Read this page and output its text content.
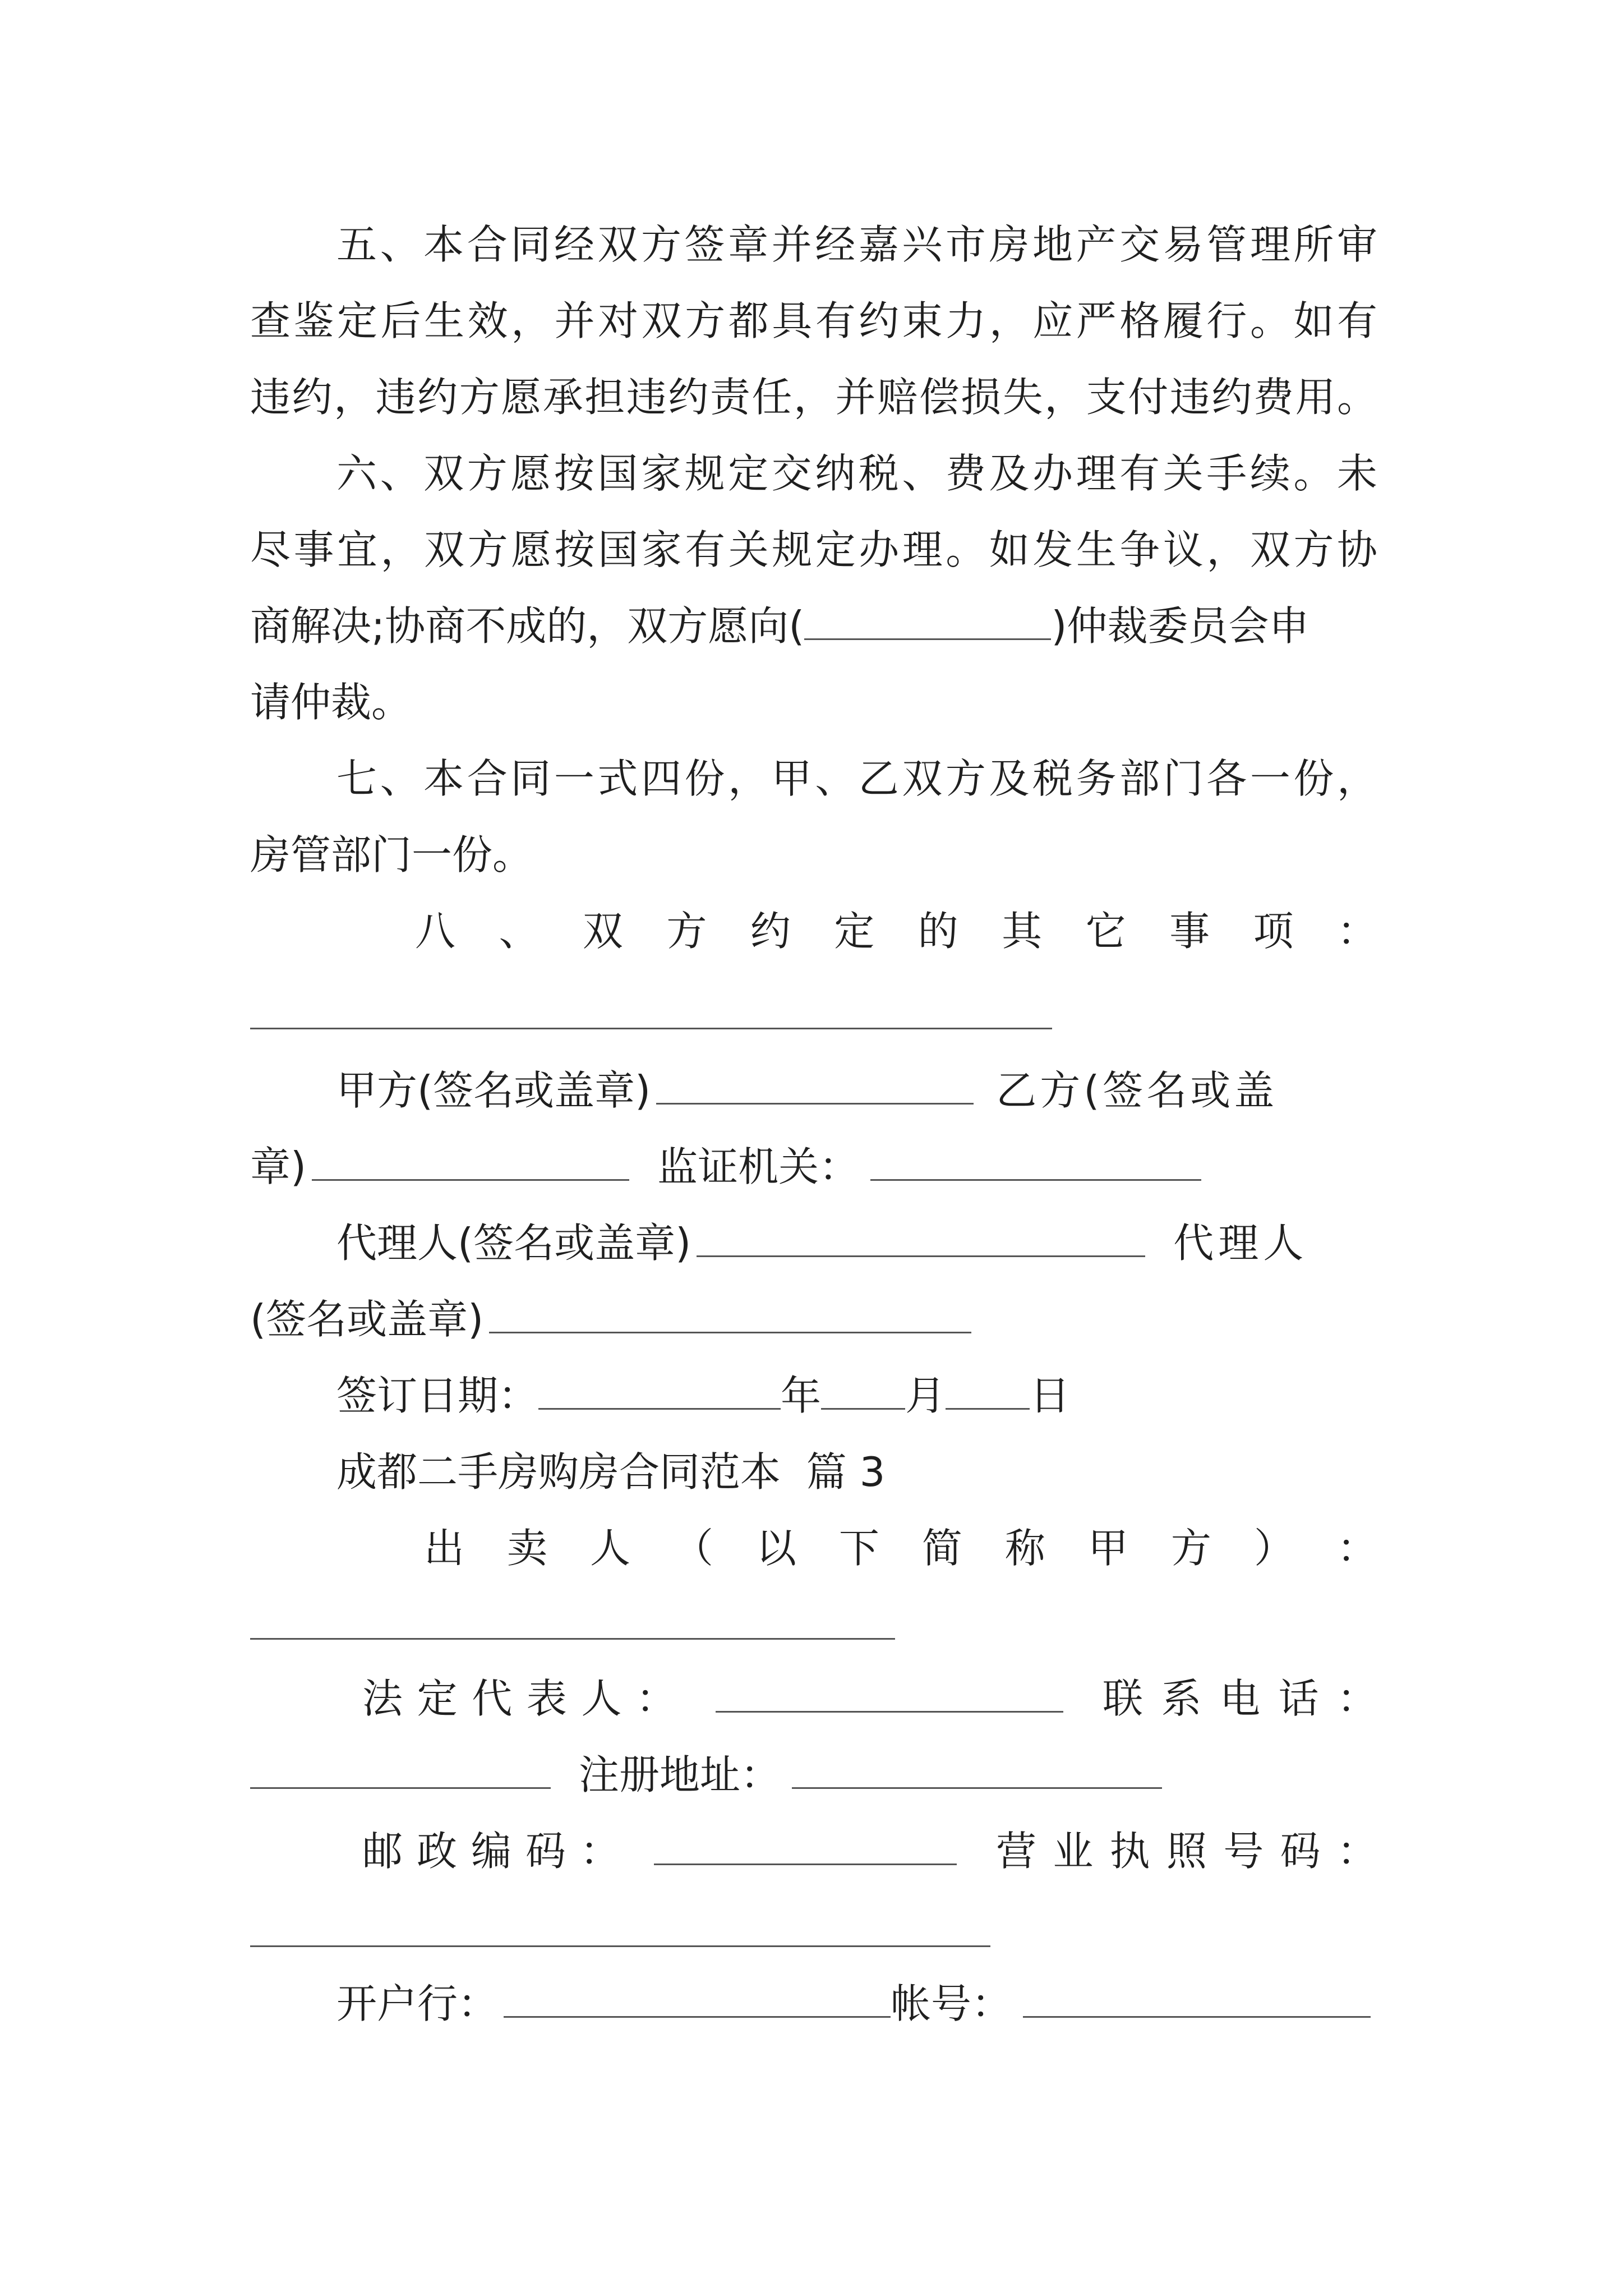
五、本合同经双方签章并经嘉兴市房地产交易管理所审
查鉴定后生效，并对双方都具有约束力，应严格履行。如有
违约，违约方愿承担违约责任，并赔偿损失，支付违约费用。
六、双方愿按国家规定交纳税、费及办理有关手续。未
尽事宜，双方愿按国家有关规定办理。如发生争议，双方协
商解决;协商不成的，双方愿向(	)仲裁委员会申
请仲裁。
七、本合同一式四份，甲、乙双方及税务部门各一份，
房管部门一份。
八 、 双 方 约 定 的 其 它 事 项 ：
甲方(签名或盖章)	乙方(签名或盖
章)	监证机关：
代理人(签名或盖章)	代理人
(签名或盖章)
签订日期：	年 月 日
成都二手房购房合同范本  篇 3
出 卖 人 （ 以 下 简 称 甲 方 ） ：
法 定 代 表 人 ：	联 系 电 话 ：
注册地址：
邮 政 编 码 ：	营 业 执 照 号 码 ：
开户行：	帐号：
